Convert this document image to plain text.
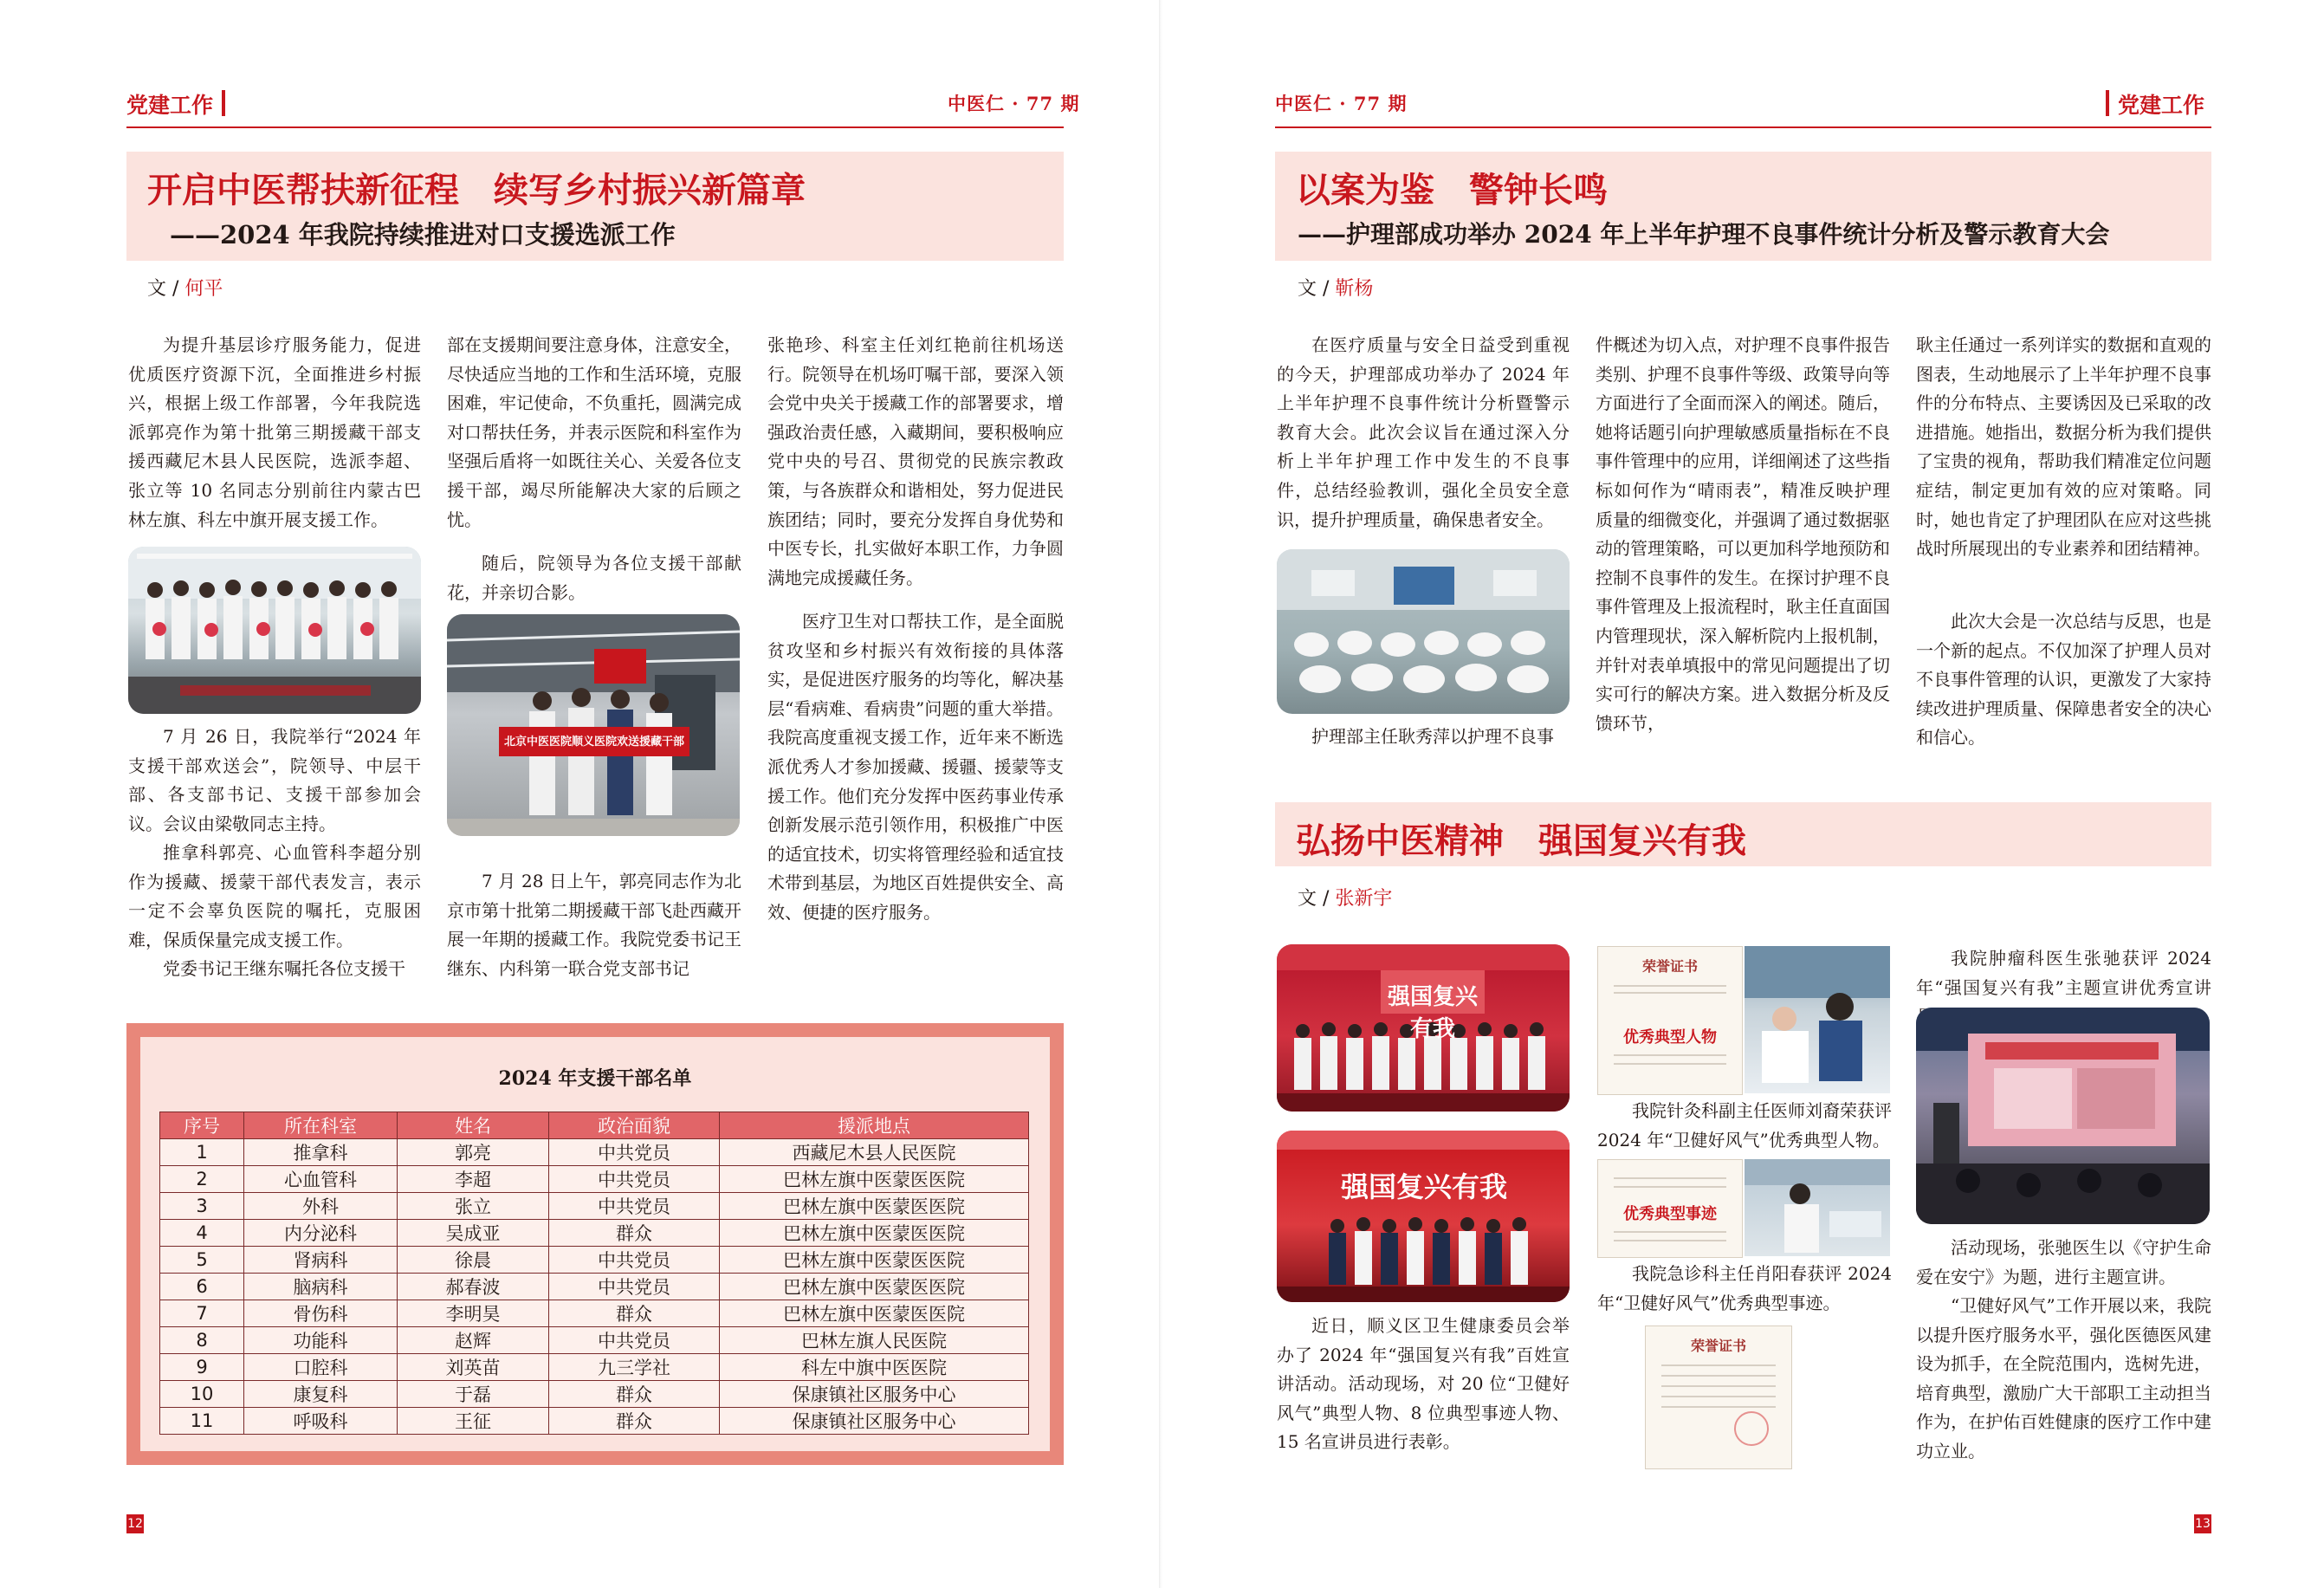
党建工作	中医仁 · 77 期
开启中医帮扶新征程　续写乡村振兴新篇章
——2024 年我院持续推进对口支援选派工作
文 / 何平

为提升基层诊疗服务能力，促进优质医疗资源下沉，全面推进乡村振兴，根据上级工作部署，今年我院选派郭亮作为第十批第三期援藏干部支援西藏尼木县人民医院，选派李超、张立等 10 名同志分别前往内蒙古巴林左旗、科左中旗开展支援工作。

7 月 26 日，我院举行“2024 年支援干部欢送会”，院领导、中层干部、各支部书记、支援干部参加会议。会议由梁敬同志主持。

推拿科郭亮、心血管科李超分别作为援藏、援蒙干部代表发言，表示一定不会辜负医院的嘱托，克服困难，保质保量完成支援工作。

党委书记王继东嘱托各位支援干

部在支援期间要注意身体，注意安全，尽快适应当地的工作和生活环境，克服困难，牢记使命，不负重托，圆满完成对口帮扶任务，并表示医院和科室作为坚强后盾将一如既往关心、关爱各位支援干部，竭尽所能解决大家的后顾之忧。

随后，院领导为各位支援干部献花，并亲切合影。

北京中医医院顺义医院欢送援藏干部

7 月 28 日上午，郭亮同志作为北京市第十批第二期援藏干部飞赴西藏开展一年期的援藏工作。我院党委书记王继东、内科第一联合党支部书记

张艳珍、科室主任刘红艳前往机场送行。院领导在机场叮嘱干部，要深入领会党中央关于援藏工作的部署要求，增强政治责任感，入藏期间，要积极响应党中央的号召、贯彻党的民族宗教政策，与各族群众和谐相处，努力促进民族团结；同时，要充分发挥自身优势和中医专长，扎实做好本职工作，力争圆满地完成援藏任务。

医疗卫生对口帮扶工作，是全面脱贫攻坚和乡村振兴有效衔接的具体落实，是促进医疗服务的均等化，解决基层“看病难、看病贵”问题的重大举措。我院高度重视支援工作，近年来不断选派优秀人才参加援藏、援疆、援蒙等支援工作。他们充分发挥中医药事业传承创新发展示范引领作用，积极推广中医的适宜技术，切实将管理经验和适宜技术带到基层，为地区百姓提供安全、高效、便捷的医疗服务。

2024 年支援干部名单
序号	所在科室	姓名	政治面貌	援派地点
1	推拿科	郭亮	中共党员	西藏尼木县人民医院
2	心血管科	李超	中共党员	巴林左旗中医蒙医医院
3	外科	张立	中共党员	巴林左旗中医蒙医医院
4	内分泌科	吴成亚	群众	巴林左旗中医蒙医医院
5	肾病科	徐晨	中共党员	巴林左旗中医蒙医医院
6	脑病科	郝春波	中共党员	巴林左旗中医蒙医医院
7	骨伤科	李明昊	群众	巴林左旗中医蒙医医院
8	功能科	赵辉	中共党员	巴林左旗人民医院
9	口腔科	刘英苗	九三学社	科左中旗中医医院
10	康复科	于磊	群众	保康镇社区服务中心
11	呼吸科	王征	群众	保康镇社区服务中心
12
中医仁 · 77 期	党建工作
以案为鉴　警钟长鸣
——护理部成功举办 2024 年上半年护理不良事件统计分析及警示教育大会
文 / 靳杨

在医疗质量与安全日益受到重视的今天，护理部成功举办了 2024 年上半年护理不良事件统计分析暨警示教育大会。此次会议旨在通过深入分析上半年护理工作中发生的不良事件，总结经验教训，强化全员安全意识，提升护理质量，确保患者安全。

护理部主任耿秀萍以护理不良事

件概述为切入点，对护理不良事件报告类别、护理不良事件等级、政策导向等方面进行了全面而深入的阐述。随后，她将话题引向护理敏感质量指标在不良事件管理中的应用，详细阐述了这些指标如何作为“晴雨表”，精准反映护理质量的细微变化，并强调了通过数据驱动的管理策略，可以更加科学地预防和控制不良事件的发生。在探讨护理不良事件管理及上报流程时，耿主任直面国内管理现状，深入解析院内上报机制，并针对表单填报中的常见问题提出了切实可行的解决方案。进入数据分析及反馈环节，

耿主任通过一系列详实的数据和直观的图表，生动地展示了上半年护理不良事件的分布特点、主要诱因及已采取的改进措施。她指出，数据分析为我们提供了宝贵的视角，帮助我们精准定位问题症结，制定更加有效的应对策略。同时，她也肯定了护理团队在应对这些挑战时所展现出的专业素养和团结精神。

此次大会是一次总结与反思，也是一个新的起点。不仅加深了护理人员对不良事件管理的认识，更激发了大家持续改进护理质量、保障患者安全的决心和信心。

弘扬中医精神　强国复兴有我
文 / 张新宇
强国复兴有我
强国复兴有我

近日，顺义区卫生健康委员会举办了 2024 年“强国复兴有我”百姓宣讲活动。活动现场，对 20 位“卫健好风气”典型人物、8 位典型事迹人物、15 名宣讲员进行表彰。

荣誉证书
优秀典型人物

我院针灸科副主任医师刘裔荣获评 2024 年“卫健好风气”优秀典型人物。

优秀典型事迹

我院急诊科主任肖阳春获评 2024 年“卫健好风气”优秀典型事迹。

荣誉证书

我院肿瘤科医生张驰获评 2024 年“强国复兴有我”主题宣讲优秀宣讲

活动现场，张驰医生以《守护生命 爱在安宁》为题，进行主题宣讲。

“卫健好风气”工作开展以来，我院以提升医疗服务水平，强化医德医风建设为抓手，在全院范围内，选树先进，培育典型，激励广大干部职工主动担当作为，在护佑百姓健康的医疗工作中建功立业。

13
